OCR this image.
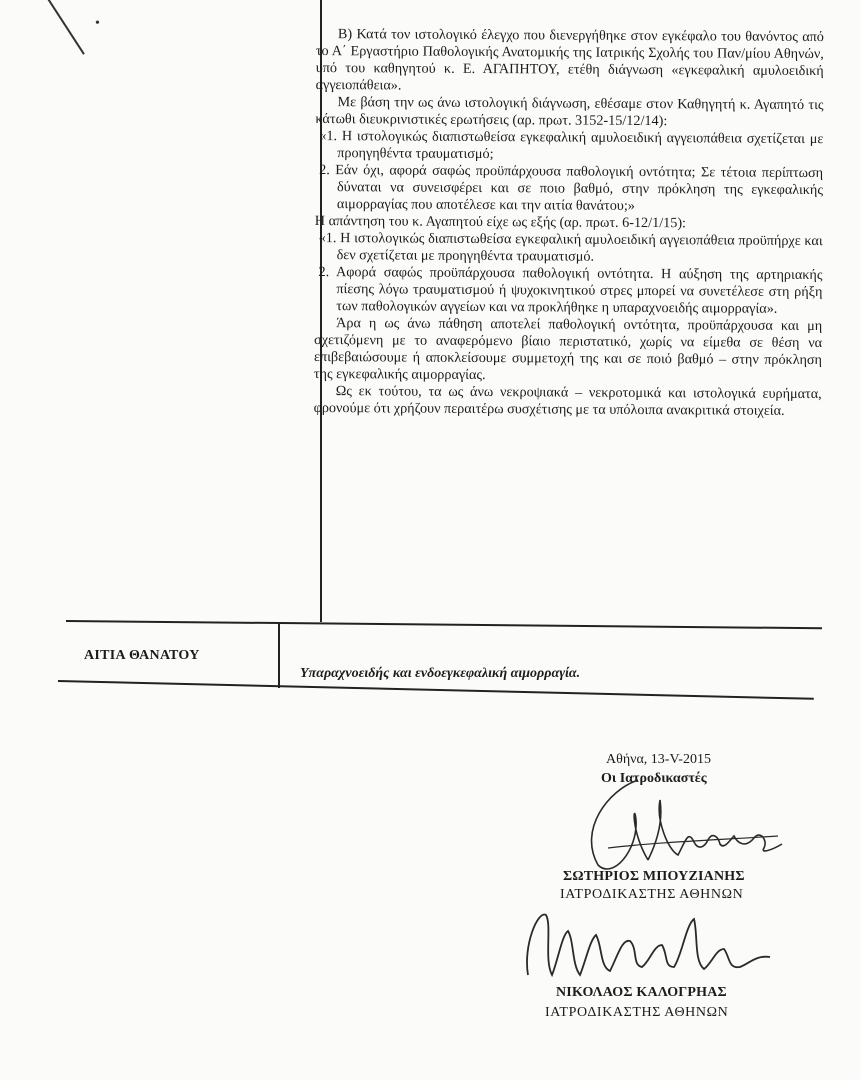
•

Β) Κατά τον ιστολογικό έλεγχο που διενεργήθηκε στον εγκέφαλο του θανόντος από το Α΄ Εργαστήριο Παθολογικής Ανατομικής της Ιατρικής Σχολής του Παν/μίου Αθηνών, υπό του καθηγητού κ. Ε. ΑΓΑΠΗΤΟΥ, ετέθη διάγνωση «εγκεφαλική αμυλοειδική αγγειοπάθεια».

Με βάση την ως άνω ιστολογική διάγνωση, εθέσαμε στον Καθηγητή κ. Αγαπητό τις κάτωθι διευκρινιστικές ερωτήσεις (αρ. πρωτ. 3152-15/12/14):

«1. Η ιστολογικώς διαπιστωθείσα εγκεφαλική αμυλοειδική αγγειοπάθεια σχετίζεται με προηγηθέντα τραυματισμό;

2. Εάν όχι, αφορά σαφώς προϋπάρχουσα παθολογική οντότητα; Σε τέτοια περίπτωση δύναται να συνεισφέρει και σε ποιο βαθμό, στην πρόκληση της εγκεφαλικής αιμορραγίας που αποτέλεσε και την αιτία θανάτου;»

Η απάντηση του κ. Αγαπητού είχε ως εξής (αρ. πρωτ. 6-12/1/15):

«1. Η ιστολογικώς διαπιστωθείσα εγκεφαλική αμυλοειδική αγγειοπάθεια προϋπήρχε και δεν σχετίζεται με προηγηθέντα τραυματισμό.

2. Αφορά σαφώς προϋπάρχουσα παθολογική οντότητα. Η αύξηση της αρτηριακής πίεσης λόγω τραυματισμού ή ψυχοκινητικού στρες μπορεί να συνετέλεσε στη ρήξη των παθολογικών αγγείων και να προκλήθηκε η υπαραχνοειδής αιμορραγία».

Άρα η ως άνω πάθηση αποτελεί παθολογική οντότητα, προϋπάρχουσα και μη σχετιζόμενη με το αναφερόμενο βίαιο περιστατικό, χωρίς να είμεθα σε θέση να επιβεβαιώσουμε ή αποκλείσουμε συμμετοχή της και σε ποιό βαθμό – στην πρόκληση της εγκεφαλικής αιμορραγίας.

Ως εκ τούτου, τα ως άνω νεκροψιακά – νεκροτομικά και ιστολογικά ευρήματα, φρονούμε ότι χρήζουν περαιτέρω συσχέτισης με τα υπόλοιπα ανακριτικά στοιχεία.

ΑΙΤΙΑ ΘΑΝΑΤΟΥ
Υπαραχνοειδής και ενδοεγκεφαλική αιμορραγία.
Αθήνα, 13-V-2015
Οι Ιατροδικαστές
ΣΩΤΗΡΙΟΣ ΜΠΟΥΖΙΑΝΗΣ
ΙΑΤΡΟΔΙΚΑΣΤΗΣ ΑΘΗΝΩΝ
ΝΙΚΟΛΑΟΣ ΚΑΛΟΓΡΗΑΣ
ΙΑΤΡΟΔΙΚΑΣΤΗΣ ΑΘΗΝΩΝ
